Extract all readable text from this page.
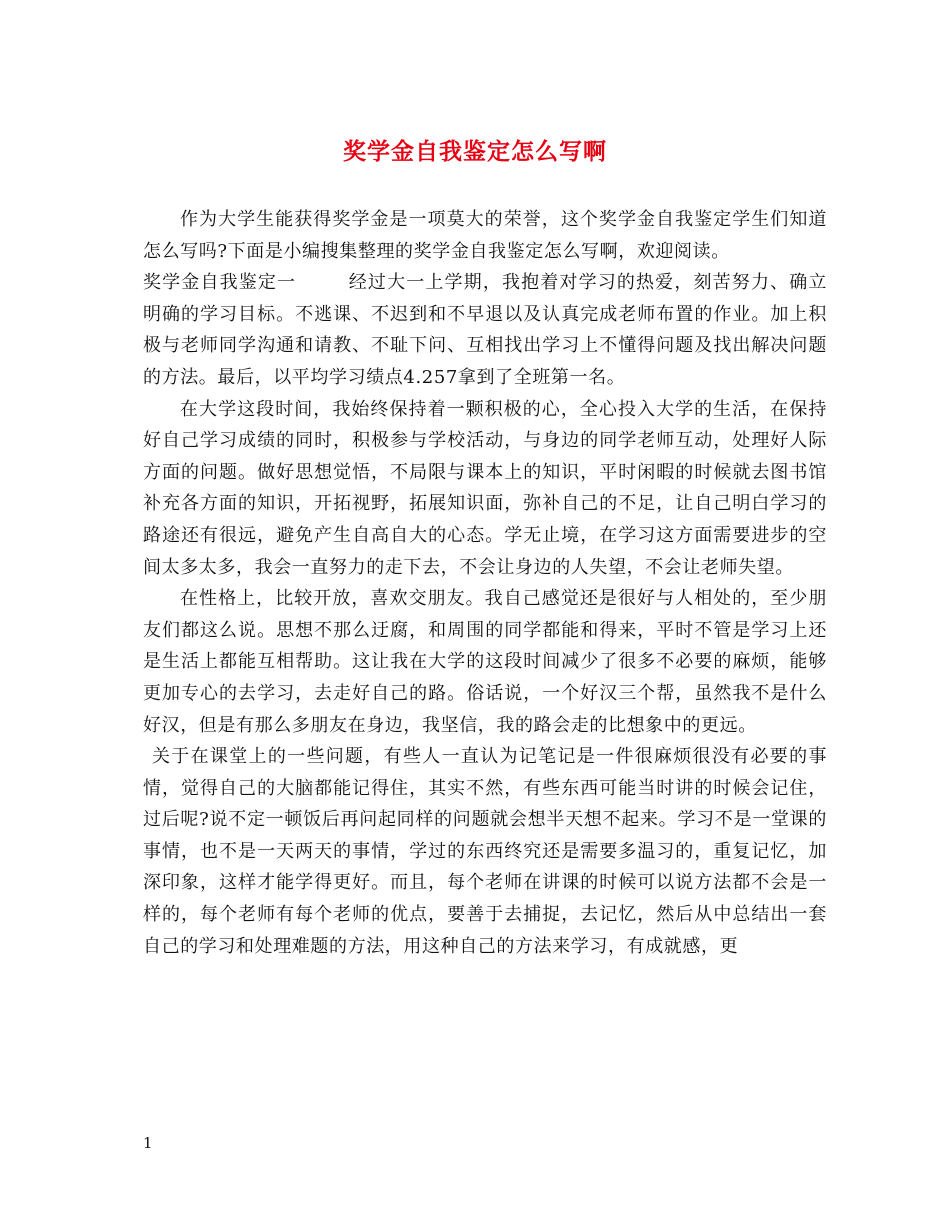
奖学金自我鉴定怎么写啊

作为大学生能获得奖学金是一项莫大的荣誉，这个奖学金自我鉴定学生们知道怎么写吗?下面是小编搜集整理的奖学金自我鉴定怎么写啊，欢迎阅读。

奖学金自我鉴定一	经过大一上学期，我抱着对学习的热爱，刻苦努力、确立明确的学习目标。不逃课、不迟到和不早退以及认真完成老师布置的作业。加上积极与老师同学沟通和请教、不耻下问、互相找出学习上不懂得问题及找出解决问题的方法。最后，以平均学习绩点4.257拿到了全班第一名。

在大学这段时间，我始终保持着一颗积极的心，全心投入大学的生活，在保持好自己学习成绩的同时，积极参与学校活动，与身边的同学老师互动，处理好人际方面的问题。做好思想觉悟，不局限与课本上的知识，平时闲暇的时候就去图书馆补充各方面的知识，开拓视野，拓展知识面，弥补自己的不足，让自己明白学习的路途还有很远，避免产生自高自大的心态。学无止境，在学习这方面需要进步的空间太多太多，我会一直努力的走下去，不会让身边的人失望，不会让老师失望。

在性格上，比较开放，喜欢交朋友。我自己感觉还是很好与人相处的，至少朋友们都这么说。思想不那么迂腐，和周围的同学都能和得来，平时不管是学习上还是生活上都能互相帮助。这让我在大学的这段时间减少了很多不必要的麻烦，能够更加专心的去学习，去走好自己的路。俗话说，一个好汉三个帮，虽然我不是什么好汉，但是有那么多朋友在身边，我坚信，我的路会走的比想象中的更远。

关于在课堂上的一些问题，有些人一直认为记笔记是一件很麻烦很没有必要的事情，觉得自己的大脑都能记得住，其实不然，有些东西可能当时讲的时候会记住，过后呢?说不定一顿饭后再问起同样的问题就会想半天想不起来。学习不是一堂课的事情，也不是一天两天的事情，学过的东西终究还是需要多温习的，重复记忆，加深印象，这样才能学得更好。而且，每个老师在讲课的时候可以说方法都不会是一样的，每个老师有每个老师的优点，要善于去捕捉，去记忆，然后从中总结出一套自己的学习和处理难题的方法，用这种自己的方法来学习，有成就感，更

1
